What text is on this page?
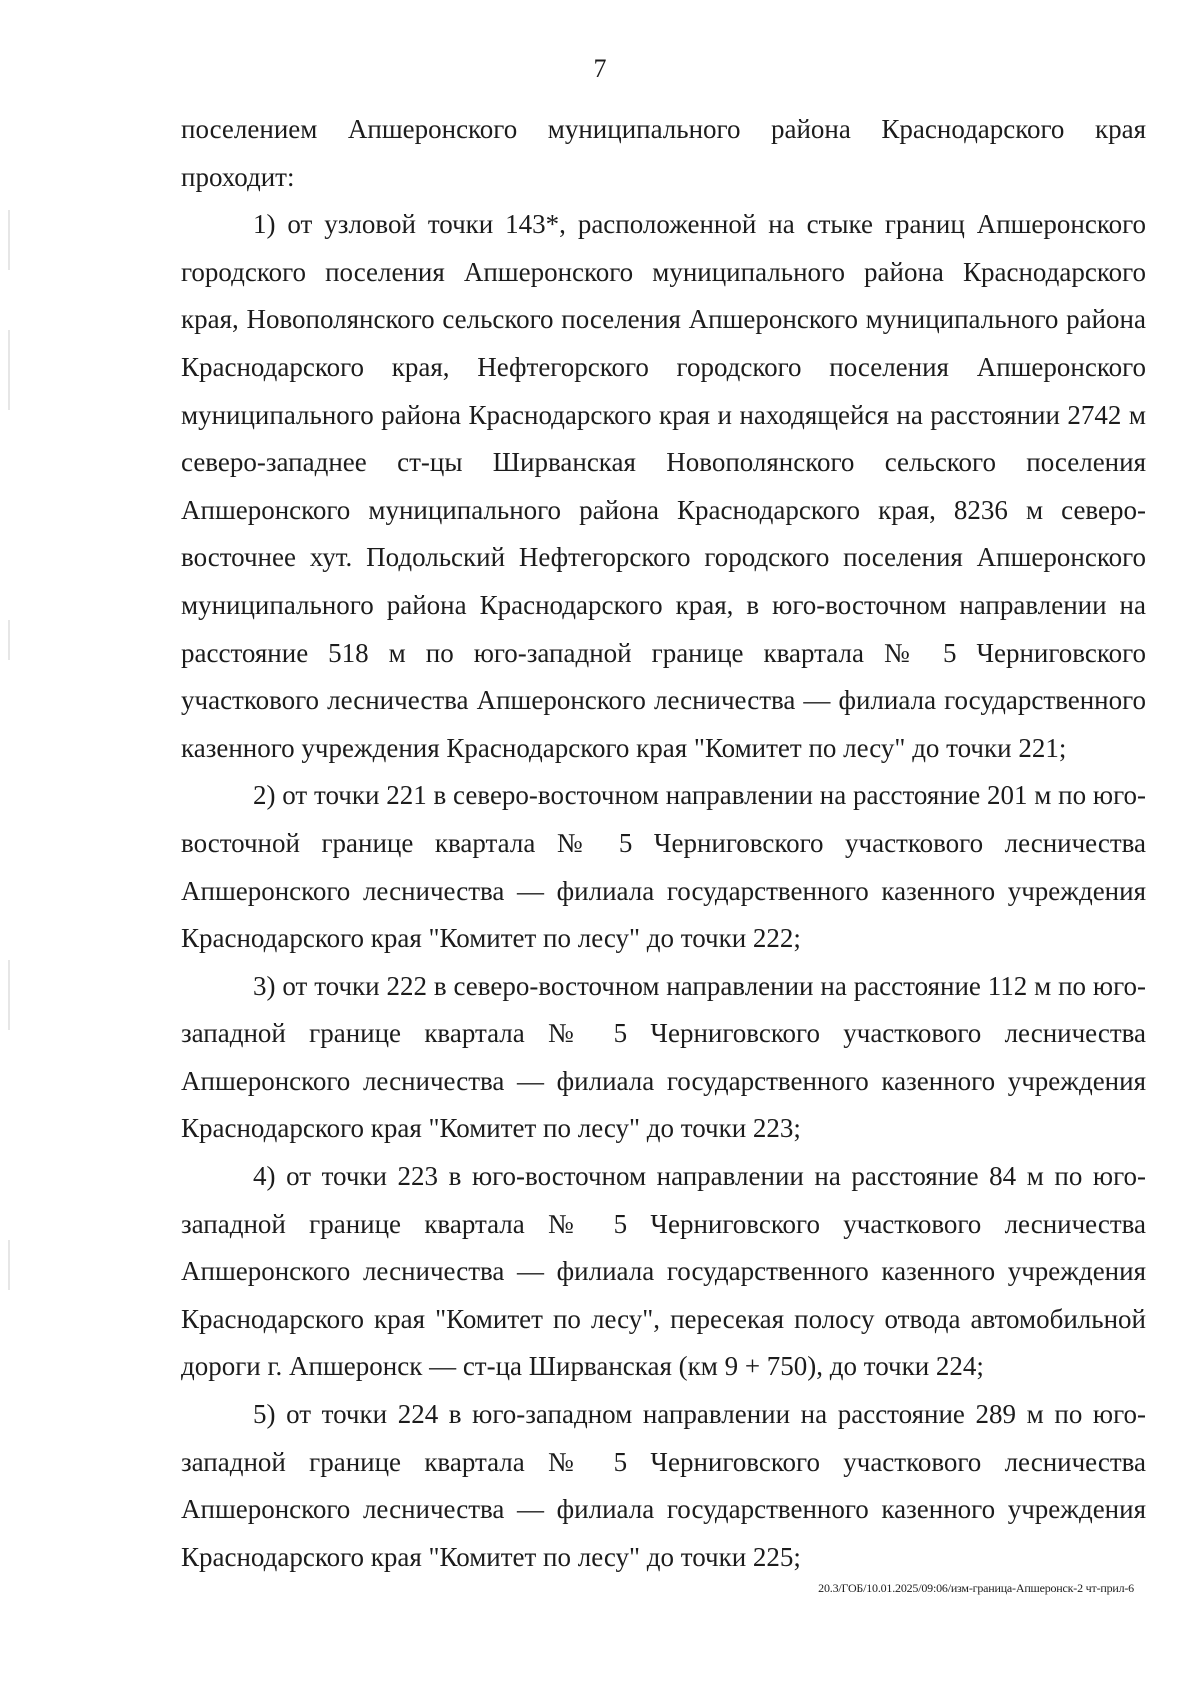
7

поселением Апшеронского муниципального района Краснодарского края проходит:

1) от узловой точки 143*, расположенной на стыке границ Апшеронского городского поселения Апшеронского муниципального района Краснодарского края, Новополянского сельского поселения Апшеронского муниципального района Краснодарского края, Нефтегорского городского поселения Апшеронского муниципального района Краснодарского края и находящейся на расстоянии 2742 м северо-западнее ст-цы Ширванская Новополянского сельского поселения Апшеронского муниципального района Краснодарского края, 8236 м северо-восточнее хут. Подольский Нефтегорского городского поселения Апшеронского муниципального района Краснодарского края, в юго-восточном направлении на расстояние 518 м по юго-западной границе квартала № 5 Черниговского участкового лесничества Апшеронского лесничества — филиала государственного казенного учреждения Краснодарского края "Комитет по лесу" до точки 221;

2) от точки 221 в северо-восточном направлении на расстояние 201 м по юго-восточной границе квартала № 5 Черниговского участкового лесничества Апшеронского лесничества — филиала государственного казенного учреждения Краснодарского края "Комитет по лесу" до точки 222;

3) от точки 222 в северо-восточном направлении на расстояние 112 м по юго-западной границе квартала № 5 Черниговского участкового лесничества Апшеронского лесничества — филиала государственного казенного учреждения Краснодарского края "Комитет по лесу" до точки 223;

4) от точки 223 в юго-восточном направлении на расстояние 84 м по юго-западной границе квартала № 5 Черниговского участкового лесничества Апшеронского лесничества — филиала государственного казенного учреждения Краснодарского края "Комитет по лесу", пересекая полосу отвода автомобильной дороги г. Апшеронск — ст-ца Ширванская (км 9 + 750), до точки 224;

5) от точки 224 в юго-западном направлении на расстояние 289 м по юго-западной границе квартала № 5 Черниговского участкового лесничества Апшеронского лесничества — филиала государственного казенного учреждения Краснодарского края "Комитет по лесу" до точки 225;

20.3/ГОБ/10.01.2025/09:06/изм-граница-Апшеронск-2 чт-прил-6
